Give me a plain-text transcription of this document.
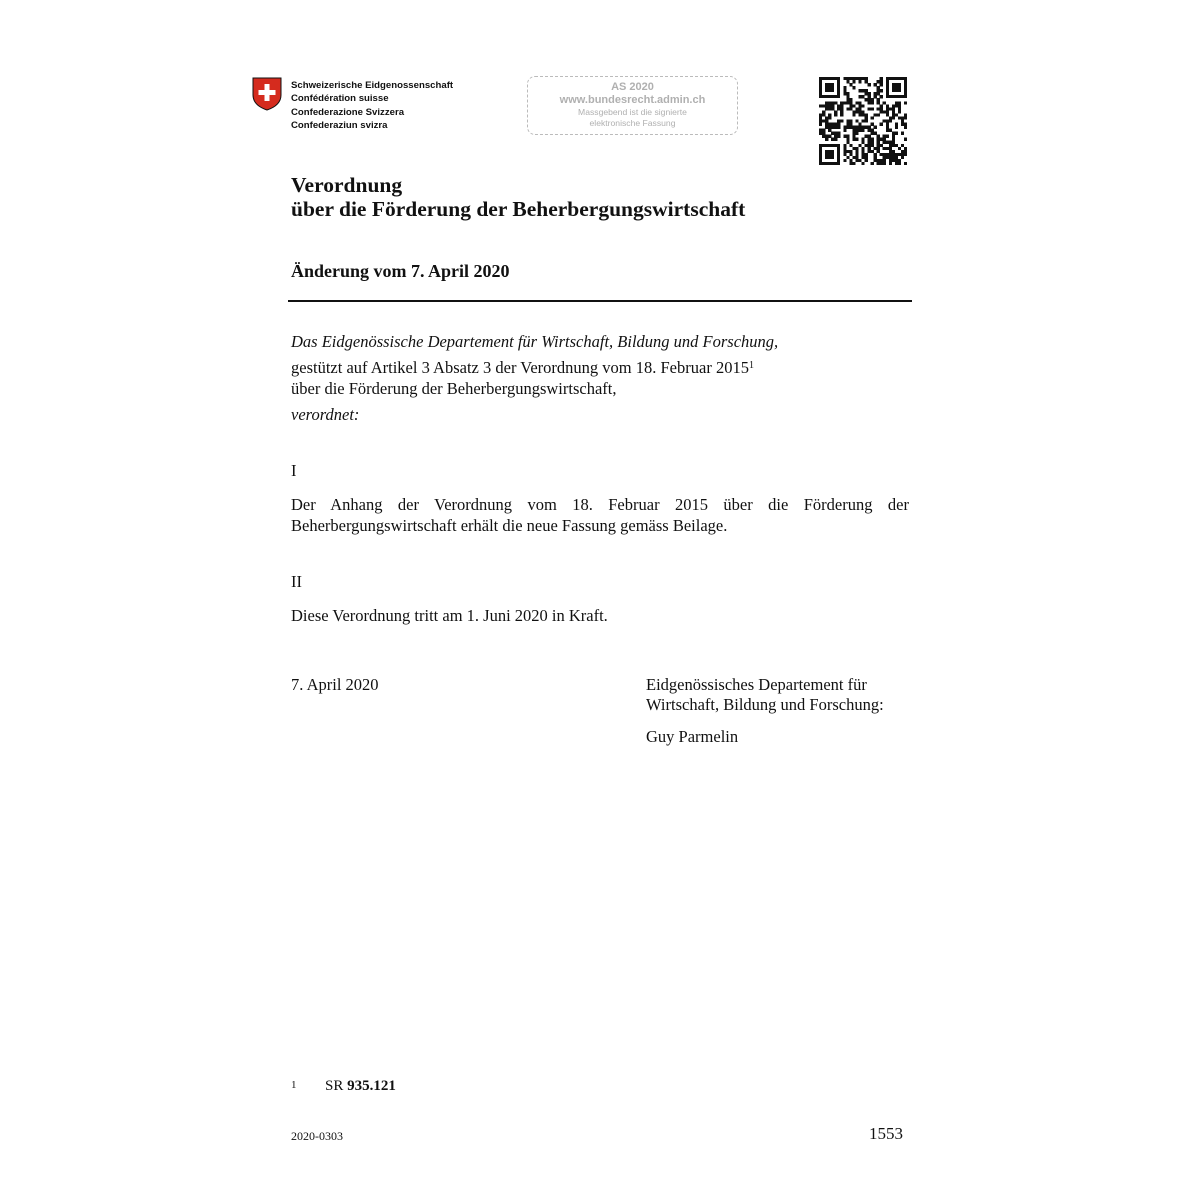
Schweizerische Eidgenossenschaft
Confédération suisse
Confederazione Svizzera
Confederaziun svizra
AS 2020
www.bundesrecht.admin.ch
Massgebend ist die signierte
elektronische Fassung
Verordnung
über die Förderung der Beherbergungswirtschaft
Änderung vom 7. April 2020
Das Eidgenössische Departement für Wirtschaft, Bildung und Forschung,
gestützt auf Artikel 3 Absatz 3 der Verordnung vom 18. Februar 2015$^1$
über die Förderung der Beherbergungswirtschaft,
verordnet:
I
Der Anhang der Verordnung vom 18. Februar 2015 über die Förderung der Beherbergungswirtschaft erhält die neue Fassung gemäss Beilage.
II
Diese Verordnung tritt am 1. Juni 2020 in Kraft.
7. April 2020	Eidgenössisches Departement für
Wirtschaft, Bildung und Forschung:
Guy Parmelin
1 SR 935.121
2020-0303	1553
